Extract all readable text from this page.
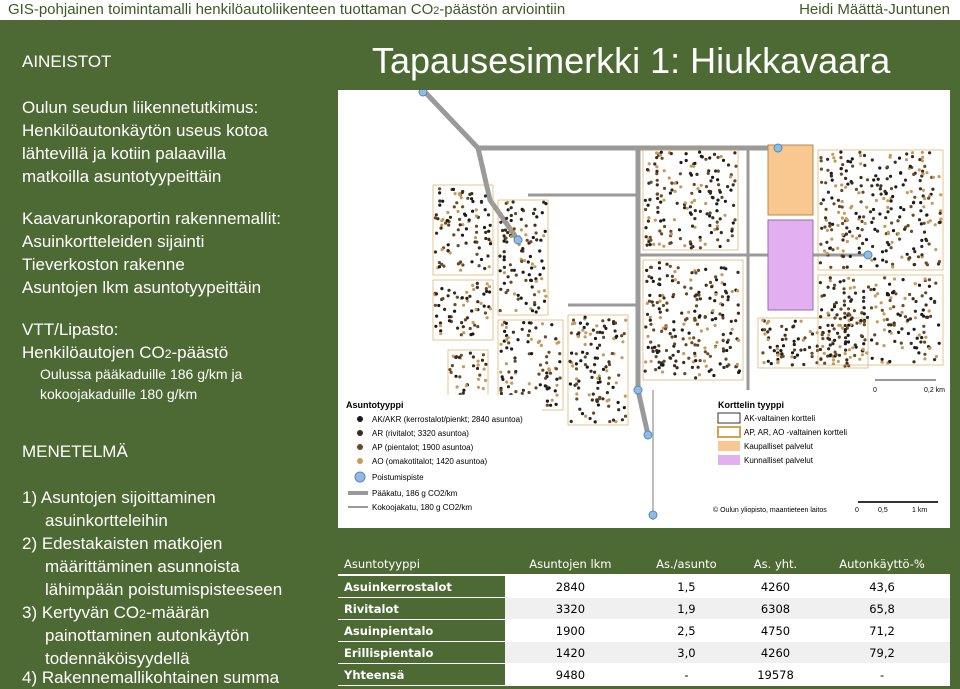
GIS-pohjainen toimintamalli henkilöautoliikenteen tuottaman CO2-päästön arviointiin	Heidi Määttä-Juntunen
AINEISTOT
Oulun seudun liikennetutkimus:
Henkilöautonkäytön useus kotoa
lähtevillä ja kotiin palaavilla
matkoilla asuntotyypeittäin
Kaavarunkoraportin rakennemallit:
Asuinkortteleiden sijainti
Tieverkoston rakenne
Asuntojen lkm asuntotyypeittäin
VTT/Lipasto:
Henkilöautojen CO2-päästö
Oulussa pääkaduille 186 g/km ja
kokoojakaduille 180 g/km
MENETELMÄ
1) Asuntojen sijoittaminen
asuinkortteleihin
2) Edestakaisten matkojen
määrittäminen asunnoista
lähimpään poistumispisteeseen
3) Kertyvän CO2-määrän
painottaminen autonkäytön
todennäköisyydellä
4) Rakennemallikohtainen summa
Tapausesimerkki 1: Hiukkavaara
0	0,2 km
Asuntotyyppi
AK/AKR (kerrostalot/pienkt; 2840 asuntoa)
AR (rivitalot; 3320 asuntoa)
AP (pientalot; 1900 asuntoa)
AO (omakotitalot; 1420 asuntoa)
Poistumispiste
Pääkatu, 186 g CO2/km
Kokoojakatu, 180 g CO2/km
Korttelin tyyppi
AK-valtainen kortteli
AP, AR, AO -valtainen kortteli
Kaupalliset palvelut
Kunnalliset palvelut
© Oulun yliopisto, maantieteen laitos	0	0,5	1 km
Asuntotyyppi	Asuntojen lkm	As./asunto	As. yht.	Autonkäyttö-%
Asuinkerrostalot	2840	1,5	4260	43,6
Rivitalot	3320	1,9	6308	65,8
Asuinpientalo	1900	2,5	4750	71,2
Erillispientalo	1420	3,0	4260	79,2
Yhteensä	9480	-	19578	-
